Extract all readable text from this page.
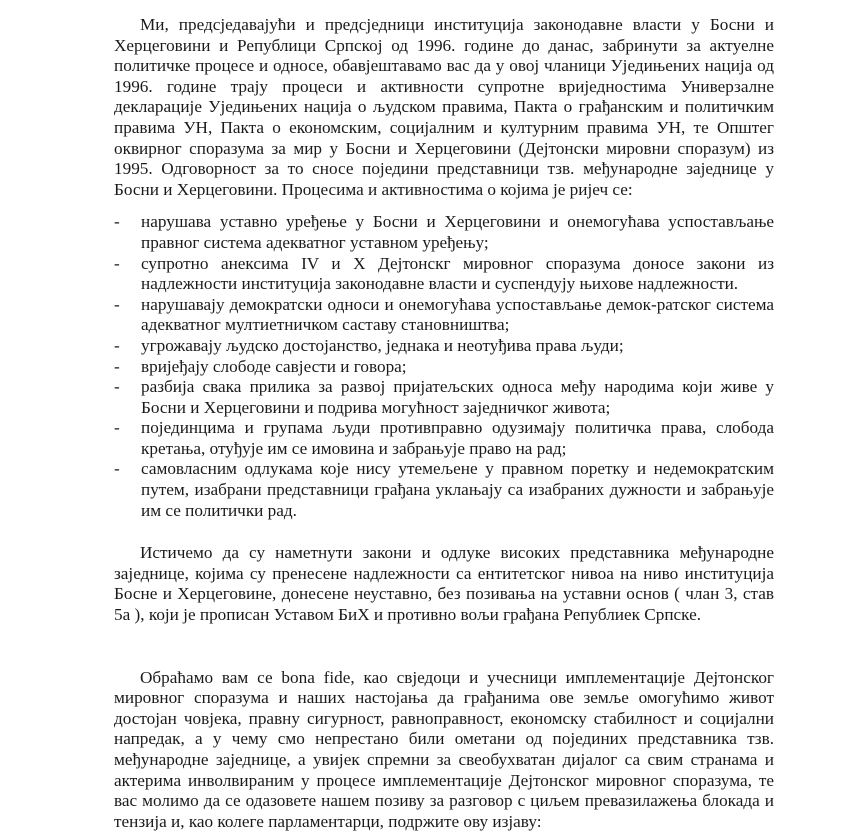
Ми, предсједавајући и предсједници институција законодавне власти у Босни и Херцеговини и Републици Српској од 1996. године до данас, забринути за актуелне политичке процесе и односе, обавјештавамо вас да у овој чланици Уједињених нација од 1996. године трају процеси и активности супротне вриједностима Универзалне декларације Уједињених нација о људском правима, Пакта о грађанским и политичким правима УН, Пакта о економским, социјалним и културним правима УН, те Општег оквирног споразума за мир у Босни и Херцеговини (Дејтонски мировни споразум) из 1995. Одговорност за то сносе поједини представници тзв. међународне заједнице у Босни и Херцеговини. Процесима и активностима о којима је ријеч се:

- нарушава уставно уређење у Босни и Херцеговини и онемогућава успостављање правног система адекватног уставном уређењу;
- супротно анексима IV и X Дејтонскг мировног споразума доносе закони из надлежности институција законодавне власти и суспендују њихове надлежности.
- нарушавају демократски односи и онемогућава успостављање демок-ратског система адекватног мултиетничком саставу становништва;
- угрожавају људско достојанство, једнака и неотуђива права људи;
- вријеђају слободе савјести и говора;
- разбија свака прилика за развој пријатељских односа међу народима који живе у Босни и Херцеговини и подрива могућност заједничког живота;
- појединцима и групама људи противправно одузимају политичка права, слобода кретања, отуђује им се имовина и забрањује право на рад;
- самовласним одлукама које нису утемељене у правном поретку и недемократским путем, изабрани представници грађана уклањају са изабраних дужности и забрањује им се политички рад.

Истичемо да су наметнути закони и одлуке високих представника међународне заједнице, којима су пренесене надлежности са ентитетског нивоа на ниво институција Босне и Херцеговине, донесене неуставно, без позивања на уставни основ ( члан 3, став 5а ), који је прописан Уставом БиХ и противно вољи грађана Републиек Српске.

Обраћамо вам се bona fide, као свједоци и учесници имплементације Дејтонског мировног споразума и наших настојања да грађанима ове земље омогућимо живот достојан човјека, правну сигурност, равноправност, економску стабилност и социјални напредак, а у чему смо непрестано били ометани од појединих представника тзв. међународне заједнице, а увијек спремни за свеобухватан дијалог са свим странама и актерима инволвираним у процесе имплементације Дејтонског мировног споразума, те вас молимо да се одазовете нашем позиву за разговор с циљем превазилажења блокада и тензија и, као колеге парламентарци, подржите ову изјаву:
